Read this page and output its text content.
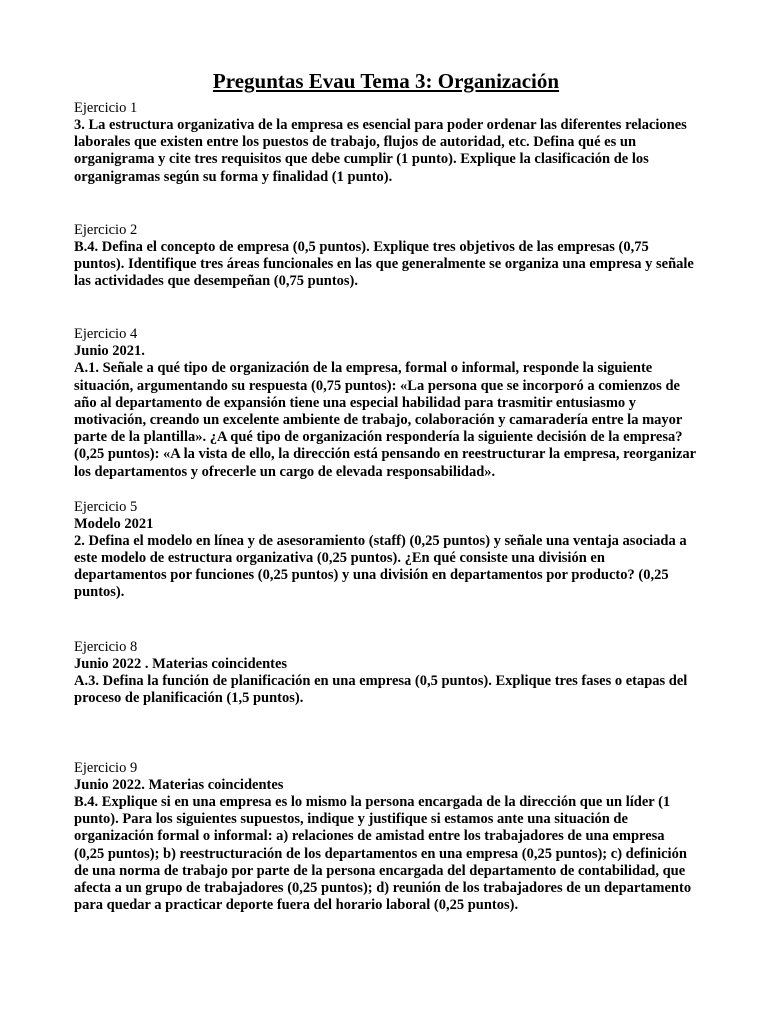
Preguntas Evau Tema 3: Organización
Ejercicio 1

3. La estructura organizativa de la empresa es esencial para poder ordenar las diferentes relaciones laborales que existen entre los puestos de trabajo, flujos de autoridad, etc. Defina qué es un organigrama y cite tres requisitos que debe cumplir (1 punto). Explique la clasificación de los organigramas según su forma y finalidad (1 punto).

Ejercicio 2

B.4. Defina el concepto de empresa (0,5 puntos). Explique tres objetivos de las empresas (0,75 puntos). Identifique tres áreas funcionales en las que generalmente se organiza una empresa y señale las actividades que desempeñan (0,75 puntos).

Ejercicio 4
Junio 2021.

A.1. Señale a qué tipo de organización de la empresa, formal o informal, responde la siguiente situación, argumentando su respuesta (0,75 puntos): «La persona que se incorporó a comienzos de año al departamento de expansión tiene una especial habilidad para trasmitir entusiasmo y motivación, creando un excelente ambiente de trabajo, colaboración y camaradería entre la mayor parte de la plantilla». ¿A qué tipo de organización respondería la siguiente decisión de la empresa? (0,25 puntos): «A la vista de ello, la dirección está pensando en reestructurar la empresa, reorganizar los departamentos y ofrecerle un cargo de elevada responsabilidad».

Ejercicio 5
Modelo 2021

2. Defina el modelo en línea y de asesoramiento (staff) (0,25 puntos) y señale una ventaja asociada a este modelo de estructura organizativa (0,25 puntos). ¿En qué consiste una división en departamentos por funciones (0,25 puntos) y una división en departamentos por producto? (0,25 puntos).

Ejercicio 8
Junio 2022 . Materias coincidentes

A.3. Defina la función de planificación en una empresa (0,5 puntos). Explique tres fases o etapas del proceso de planificación (1,5 puntos).

Ejercicio 9
Junio 2022. Materias coincidentes

B.4. Explique si en una empresa es lo mismo la persona encargada de la dirección que un líder (1 punto). Para los siguientes supuestos, indique y justifique si estamos ante una situación de organización formal o informal: a) relaciones de amistad entre los trabajadores de una empresa (0,25 puntos); b) reestructuración de los departamentos en una empresa (0,25 puntos); c) definición de una norma de trabajo por parte de la persona encargada del departamento de contabilidad, que afecta a un grupo de trabajadores (0,25 puntos); d) reunión de los trabajadores de un departamento para quedar a practicar deporte fuera del horario laboral (0,25 puntos).
